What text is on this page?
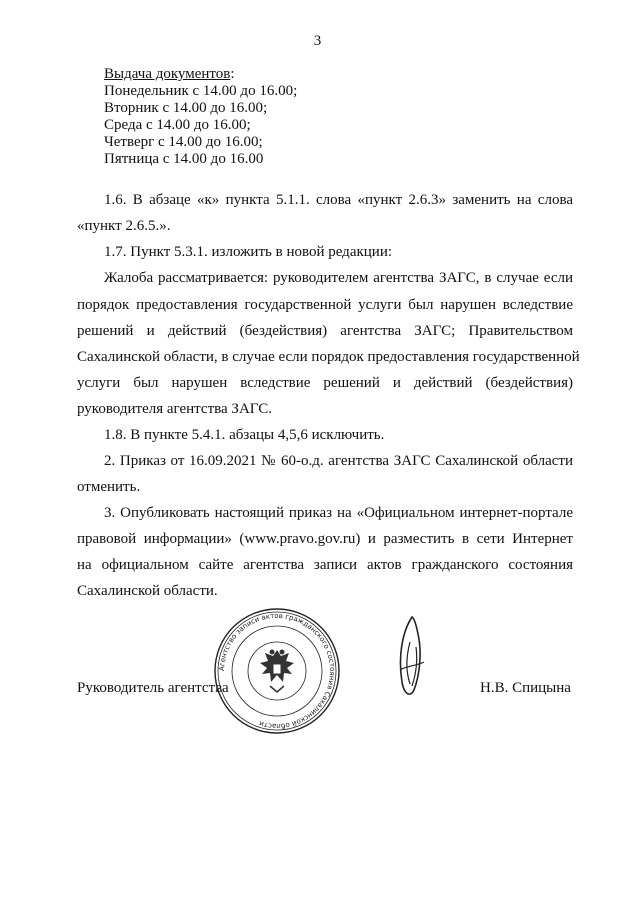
3
Выдача документов:
Понедельник с 14.00 до 16.00;
Вторник с 14.00 до 16.00;
Среда с 14.00 до 16.00;
Четверг с 14.00 до 16.00;
Пятница с 14.00 до 16.00
1.6. В абзаце «к» пункта 5.1.1. слова «пункт 2.6.3» заменить на слова
«пункт 2.6.5.».
1.7. Пункт 5.3.1. изложить в новой редакции:
Жалоба рассматривается: руководителем агентства ЗАГС, в случае если
порядок предоставления государственной услуги был нарушен вследствие
решений и действий (бездействия) агентства ЗАГС; Правительством
Сахалинской области, в случае если порядок предоставления государственной
услуги был нарушен вследствие решений и действий (бездействия)
руководителя агентства ЗАГС.
1.8. В пункте 5.4.1. абзацы 4,5,6 исключить.
2. Приказ от 16.09.2021 № 60-о.д. агентства ЗАГС Сахалинской области
отменить.
3. Опубликовать настоящий приказ на «Официальном интернет-портале
правовой информации» (www.pravo.gov.ru) и разместить в сети Интернет
на официальном сайте агентства записи актов гражданского состояния
Сахалинской области.
Руководитель агентства	Н.В. Спицына
Агентство записи актов гражданского состояния Сахалинской области
